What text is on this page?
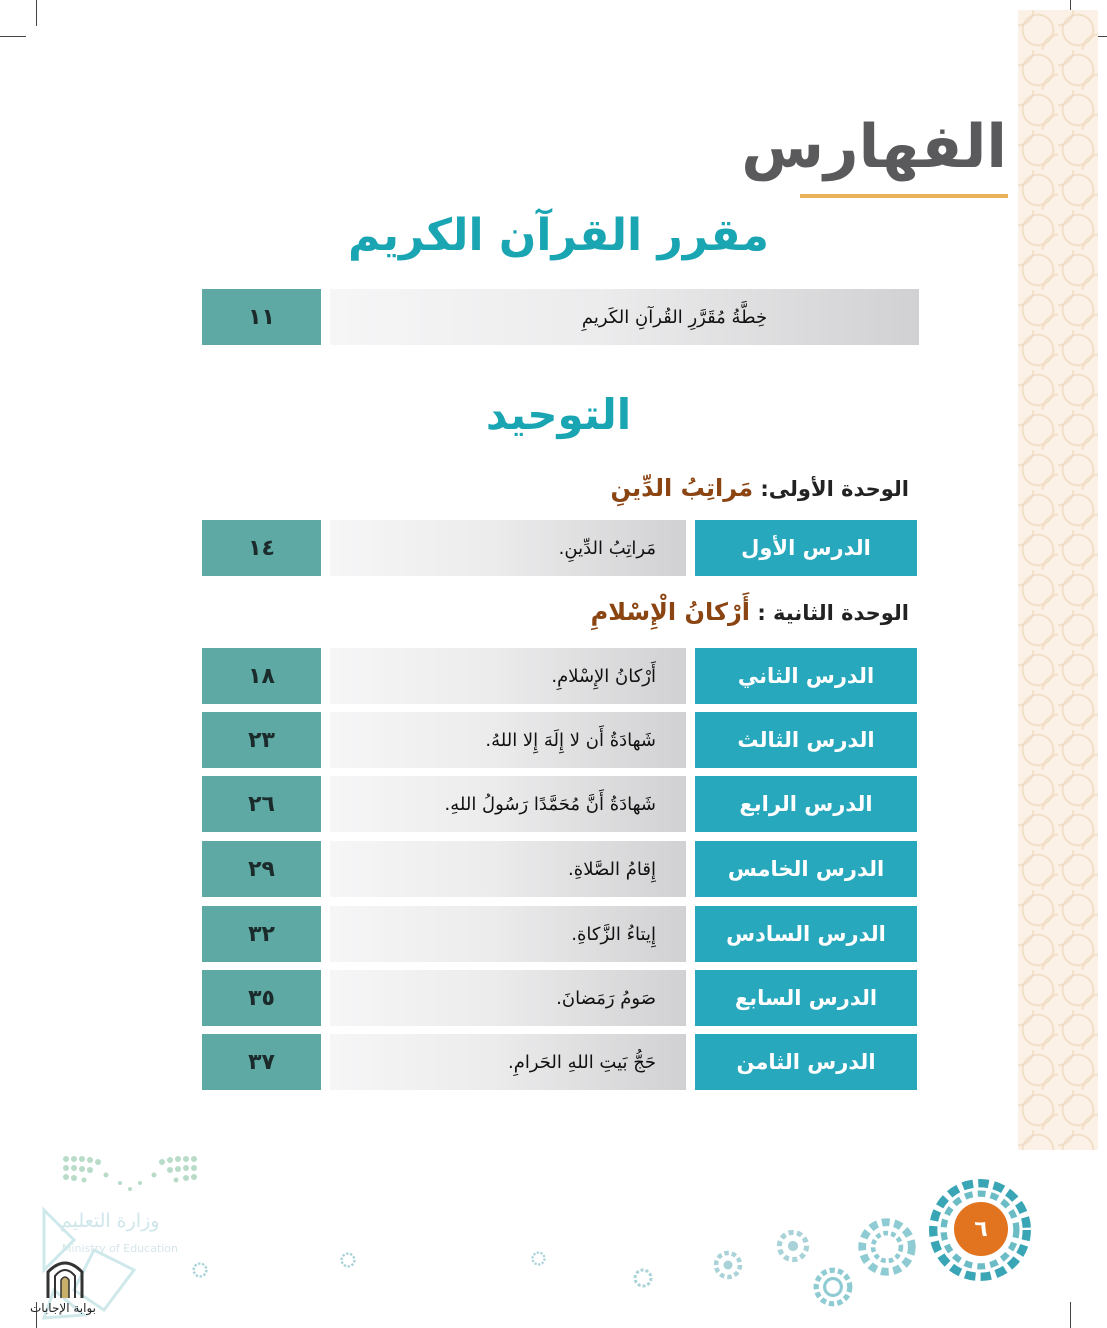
الفهارس
مقرر القرآن الكريم
خِطَّةُ مُقَرَّرِ القُرآنِ الكَريمِ
١١
التوحيد
الوحدة الأولى: مَراتِبُ الدِّينِ
الدرس الأول
مَراتِبُ الدِّينِ.
١٤
الوحدة الثانية : أَرْكانُ الْإِسْلامِ
الدرس الثاني
أَرْكانُ الإِسْلامِ.
١٨
الدرس الثالث
شَهادَةُ أَن لا إِلَهَ إِلا اللهُ.
٢٣
الدرس الرابع
شَهادَةُ أَنَّ مُحَمَّدًا رَسُولُ اللهِ.
٢٦
الدرس الخامس
إِقامُ الصَّلاةِ.
٢٩
الدرس السادس
إِيتاءُ الزَّكاةِ.
٣٢
الدرس السابع
صَومُ رَمَضانَ.
٣٥
الدرس الثامن
حَجُّ بَيتِ اللهِ الحَرامِ.
٣٧
وزارة التعليم
Ministry of Education
بوابة الإجابات
٦
